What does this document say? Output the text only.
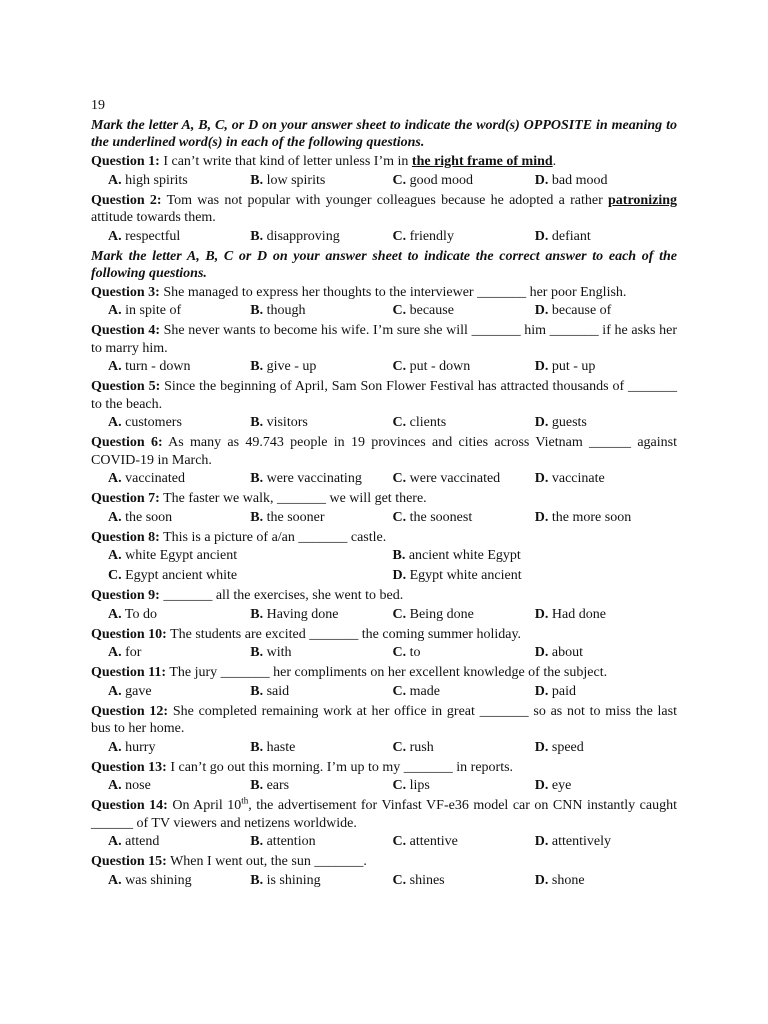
19
Mark the letter A, B, C, or D on your answer sheet to indicate the word(s) OPPOSITE in meaning to the underlined word(s) in each of the following questions.
Question 1: I can’t write that kind of letter unless I’m in the right frame of mind.
A. high spirits	B. low spirits	C. good mood	D. bad mood
Question 2: Tom was not popular with younger colleagues because he adopted a rather patronizing attitude towards them.
A. respectful	B. disapproving	C. friendly	D. defiant
Mark the letter A, B, C or D on your answer sheet to indicate the correct answer to each of the following questions.
Question 3: She managed to express her thoughts to the interviewer _______ her poor English.
A. in spite of	B. though	C. because	D. because of
Question 4: She never wants to become his wife. I’m sure she will _______ him _______ if he asks her to marry him.
A. turn - down	B. give - up	C. put - down	D. put - up
Question 5: Since the beginning of April, Sam Son Flower Festival has attracted thousands of _______ to the beach.
A. customers	B. visitors	C. clients	D. guests
Question 6: As many as 49.743 people in 19 provinces and cities across Vietnam ______ against COVID-19 in March.
A. vaccinated	B. were vaccinating	C. were vaccinated	D. vaccinate
Question 7: The faster we walk, _______ we will get there.
A. the soon	B. the sooner	C. the soonest	D. the more soon
Question 8: This is a picture of a/an _______ castle.
A. white Egypt ancient	B. ancient white Egypt
C. Egypt ancient white	D. Egypt white ancient
Question 9: _______ all the exercises, she went to bed.
A. To do	B. Having done	C. Being done	D. Had done
Question 10: The students are excited _______ the coming summer holiday.
A. for	B. with	C. to	D. about
Question 11: The jury _______ her compliments on her excellent knowledge of the subject.
A. gave	B. said	C. made	D. paid
Question 12: She completed remaining work at her office in great _______ so as not to miss the last bus to her home.
A. hurry	B. haste	C. rush	D. speed
Question 13: I can’t go out this morning. I’m up to my _______ in reports.
A. nose	B. ears	C. lips	D. eye
Question 14: On April 10th, the advertisement for Vinfast VF-e36 model car on CNN instantly caught ______ of TV viewers and netizens worldwide.
A. attend	B. attention	C. attentive	D. attentively
Question 15: When I went out, the sun _______.
A. was shining	B. is shining	C. shines	D. shone
